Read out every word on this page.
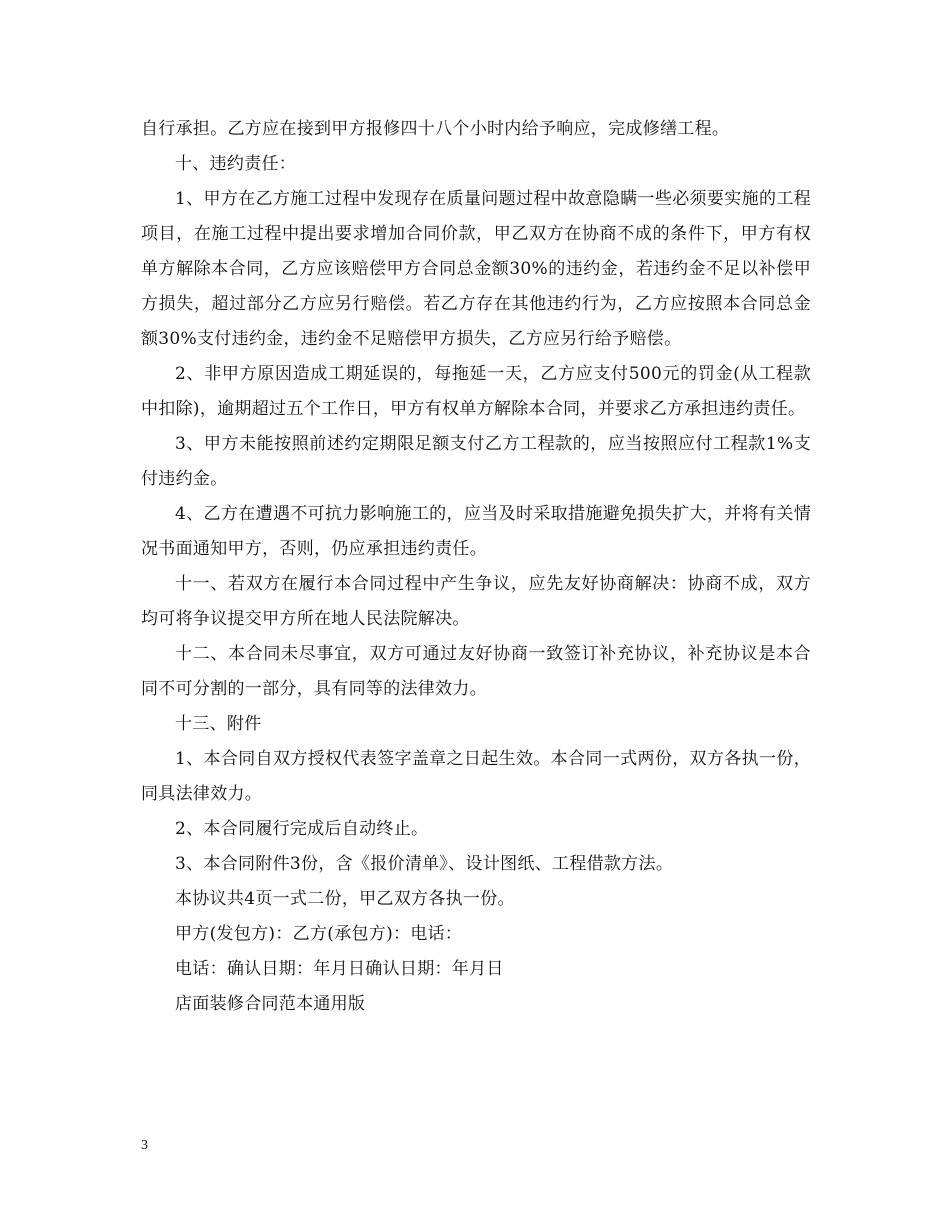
自行承担。乙方应在接到甲方报修四十八个小时内给予响应，完成修缮工程。

十、违约责任：

1、甲方在乙方施工过程中发现存在质量问题过程中故意隐瞒一些必须要实施的工程项目，在施工过程中提出要求增加合同价款，甲乙双方在协商不成的条件下，甲方有权单方解除本合同，乙方应该赔偿甲方合同总金额30%的违约金，若违约金不足以补偿甲方损失，超过部分乙方应另行赔偿。若乙方存在其他违约行为，乙方应按照本合同总金额30%支付违约金，违约金不足赔偿甲方损失，乙方应另行给予赔偿。

2、非甲方原因造成工期延误的，每拖延一天，乙方应支付500元的罚金(从工程款中扣除)，逾期超过五个工作日，甲方有权单方解除本合同，并要求乙方承担违约责任。

3、甲方未能按照前述约定期限足额支付乙方工程款的，应当按照应付工程款1%支付违约金。

4、乙方在遭遇不可抗力影响施工的，应当及时采取措施避免损失扩大，并将有关情况书面通知甲方，否则，仍应承担违约责任。

十一、若双方在履行本合同过程中产生争议，应先友好协商解决：协商不成，双方均可将争议提交甲方所在地人民法院解决。

十二、本合同未尽事宜，双方可通过友好协商一致签订补充协议，补充协议是本合同不可分割的一部分，具有同等的法律效力。

十三、附件

1、本合同自双方授权代表签字盖章之日起生效。本合同一式两份，双方各执一份，同具法律效力。

2、本合同履行完成后自动终止。

3、本合同附件3份，含《报价清单》、设计图纸、工程借款方法。

本协议共4页一式二份，甲乙双方各执一份。

甲方(发包方)：乙方(承包方)：电话：

电话：确认日期：年月日确认日期：年月日

店面装修合同范本通用版

3
